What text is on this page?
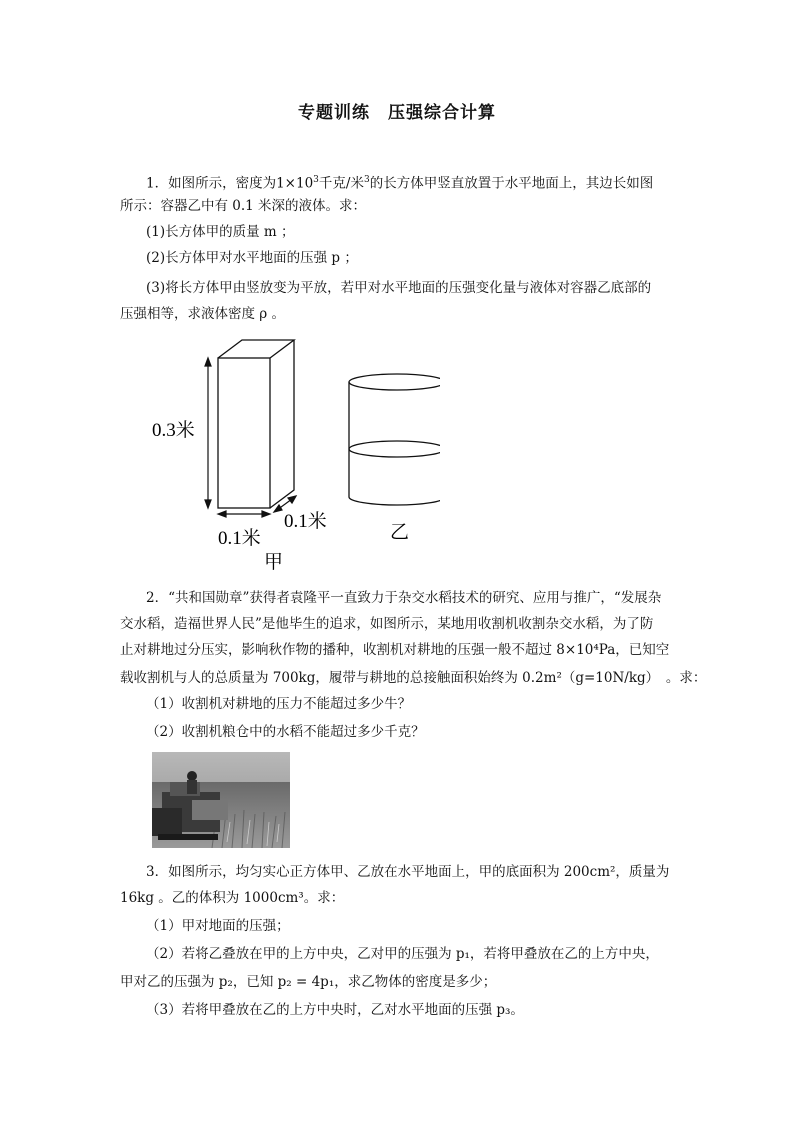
专题训练　压强综合计算
1．如图所示，密度为$1\times 10^3$千克/米$^3$的长方体甲竖直放置于水平地面上，其边长如图
所示：容器乙中有 0.1 米深的液体。求：
(1)长方体甲的质量 m ；
(2)长方体甲对水平地面的压强 p ；
(3)将长方体甲由竖放变为平放，若甲对水平地面的压强变化量与液体对容器乙底部的
压强相等，求液体密度 ρ 。
0.3米
0.1米
0.1米
甲
乙
2．“共和国勋章”获得者袁隆平一直致力于杂交水稻技术的研究、应用与推广，“发展杂
交水稻，造福世界人民”是他毕生的追求，如图所示，某地用收割机收割杂交水稻，为了防
止对耕地过分压实，影响秋作物的播种，收割机对耕地的压强一般不超过 8×10⁴Pa，已知空
载收割机与人的总质量为 700kg，履带与耕地的总接触面积始终为 0.2m²（g=10N/kg）　。求：
（1）收割机对耕地的压力不能超过多少牛？
（2）收割机粮仓中的水稻不能超过多少千克？
3．如图所示，均匀实心正方体甲、乙放在水平地面上，甲的底面积为 200cm²，质量为
16kg 。乙的体积为 1000cm³。求：
（1）甲对地面的压强；
（2）若将乙叠放在甲的上方中央，乙对甲的压强为 p₁，若将甲叠放在乙的上方中央，
甲对乙的压强为 p₂，已知 p₂ = 4p₁，求乙物体的密度是多少；
（3）若将甲叠放在乙的上方中央时，乙对水平地面的压强 p₃。
